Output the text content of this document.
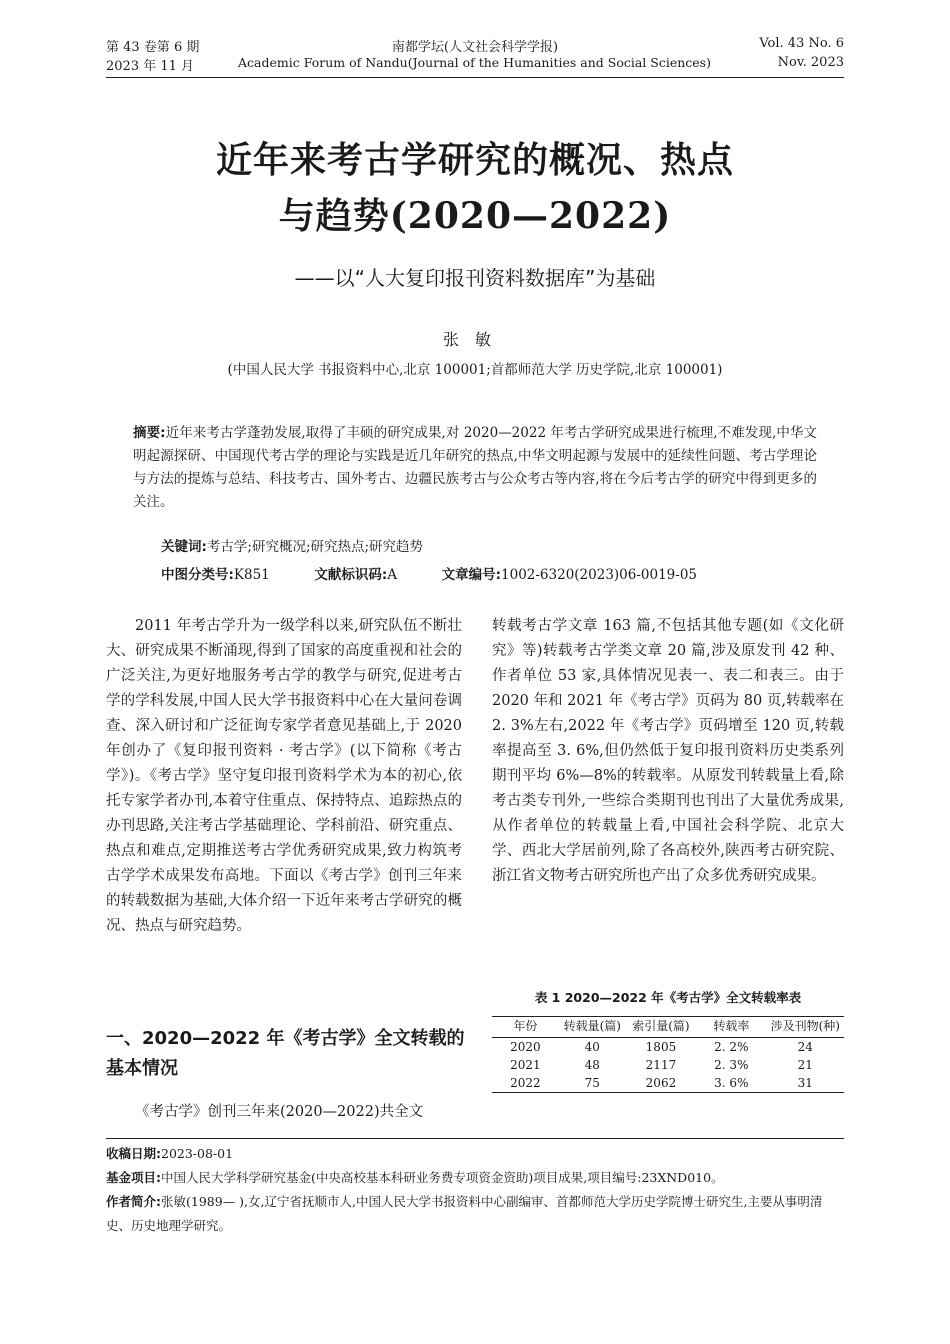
第 43 卷第 6 期	南都学坛(人文社会科学学报)	Vol. 43 No. 6
2023 年 11 月	Academic Forum of Nandu(Journal of the Humanities and Social Sciences)	Nov. 2023
近年来考古学研究的概况、热点
与趋势(2020—2022)
——以“人大复印报刊资料数据库”为基础
张敏
(中国人民大学 书报资料中心,北京 100001;首都师范大学 历史学院,北京 100001)
摘要:近年来考古学蓬勃发展,取得了丰硕的研究成果,对 2020—2022 年考古学研究成果进行梳理,不难发现,中华文明起源探研、中国现代考古学的理论与实践是近几年研究的热点,中华文明起源与发展中的延续性问题、考古学理论与方法的提炼与总结、科技考古、国外考古、边疆民族考古与公众考古等内容,将在今后考古学的研究中得到更多的关注。
关键词:考古学;研究概况;研究热点;研究趋势
中图分类号:K851	文献标识码:A	文章编号:1002-6320(2023)06-0019-05

2011 年考古学升为一级学科以来,研究队伍不断壮大、研究成果不断涌现,得到了国家的高度重视和社会的广泛关注,为更好地服务考古学的教学与研究,促进考古学的学科发展,中国人民大学书报资料中心在大量问卷调查、深入研讨和广泛征询专家学者意见基础上,于 2020 年创办了《复印报刊资料 · 考古学》(以下简称《考古学》)。《考古学》坚守复印报刊资料学术为本的初心,依托专家学者办刊,本着守住重点、保持特点、追踪热点的办刊思路,关注考古学基础理论、学科前沿、研究重点、热点和难点,定期推送考古学优秀研究成果,致力构筑考古学学术成果发布高地。下面以《考古学》创刊三年来的转载数据为基础,大体介绍一下近年来考古学研究的概况、热点与研究趋势。

一、2020—2022 年《考古学》全文转载的基本情况

《考古学》创刊三年来(2020—2022)共全文

转载考古学文章 163 篇,不包括其他专题(如《文化研究》等)转载考古学类文章 20 篇,涉及原发刊 42 种、作者单位 53 家,具体情况见表一、表二和表三。由于 2020 年和 2021 年《考古学》页码为 80 页,转载率在 2. 3%左右,2022 年《考古学》页码增至 120 页,转载率提高至 3. 6%,但仍然低于复印报刊资料历史类系列期刊平均 6%—8%的转载率。从原发刊转载量上看,除考古类专刊外,一些综合类期刊也刊出了大量优秀成果,从作者单位的转载量上看,中国社会科学院、北京大学、西北大学居前列,除了各高校外,陕西考古研究院、浙江省文物考古研究所也产出了众多优秀研究成果。

表 1 2020—2022 年《考古学》全文转载率表
年份	转载量(篇)	索引量(篇)	转载率	涉及刊物(种)
2020	40	1805	2. 2%	24
2021	48	2117	2. 3%	21
2022	75	2062	3. 6%	31
收稿日期:2023-08-01
基金项目:中国人民大学科学研究基金(中央高校基本科研业务费专项资金资助)项目成果,项目编号:23XND010。
作者简介:张敏(1989— ),女,辽宁省抚顺市人,中国人民大学书报资料中心副编审、首都师范大学历史学院博士研究生,主要从事明清史、历史地理学研究。
